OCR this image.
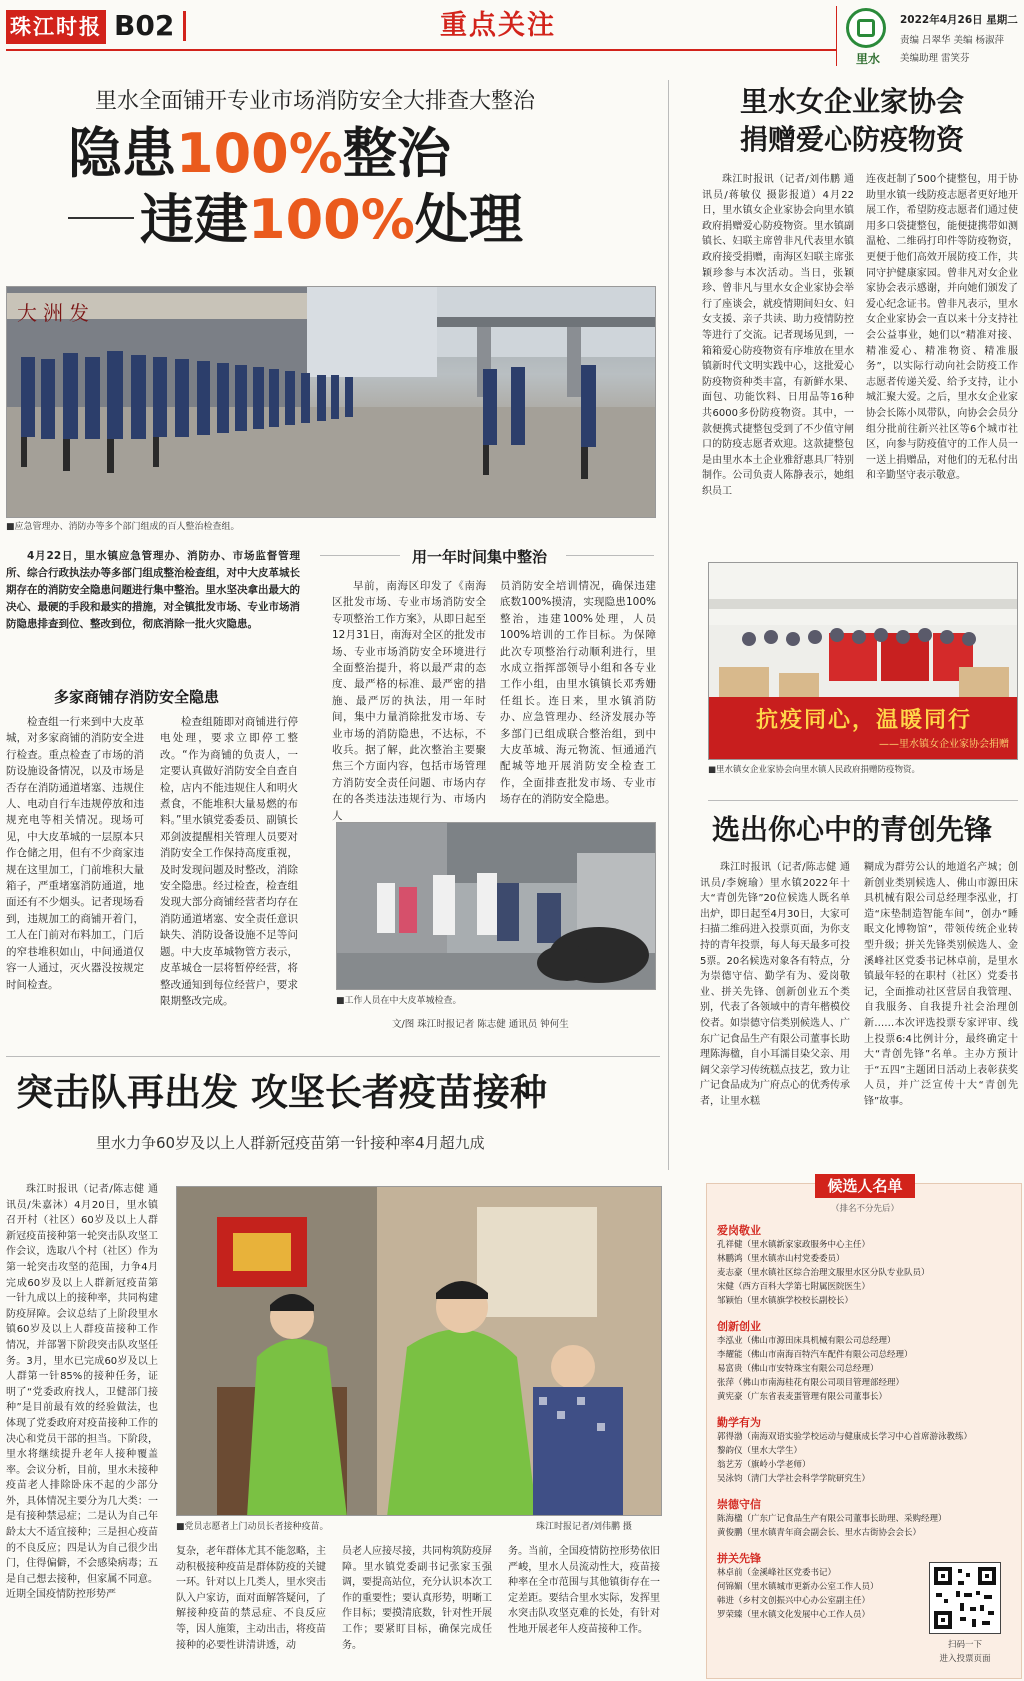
珠江时报 B02	重点关注
里水
2022年4月26日 星期二
责编 吕翠华 美编 杨淑萍
美编助理 雷笑芬
里水全面铺开专业市场消防安全大排查大整治
隐患100%整治
违建100%处理
大洲发
■应急管理办、消防办等多个部门组成的百人整治检查组。
4月22日，里水镇应急管理办、消防办、市场监督管理所、综合行政执法办等多部门组成整治检查组，对中大皮革城长期存在的消防安全隐患问题进行集中整治。里水坚决拿出最大的决心、最硬的手段和最实的措施，对全镇批发市场、专业市场消防隐患排查到位、整改到位，彻底消除一批火灾隐患。
多家商铺存消防安全隐患
检查组一行来到中大皮革城，对多家商铺的消防安全进行检查。重点检查了市场的消防设施设备情况，以及市场是否存在消防通道堵塞、违规住人、电动自行车违规停放和违规充电等相关情况。现场可见，中大皮革城的一层原本只作仓储之用，但有不少商家违规在这里加工，门前堆积大量箱子，严重堵塞消防通道，地面还有不少烟头。记者现场看到，违规加工的商铺开着门，工人在门前对布料加工，门后的窄巷堆积如山，中间通道仅容一人通过，灭火器没按规定时间检查。
检查组随即对商铺进行停电处理，要求立即停工整改。“作为商铺的负责人，一定要认真做好消防安全自查自检，店内不能违规住人和明火煮食，不能堆积大量易燃的布料。”里水镇党委委员、副镇长邓剑波提醒相关管理人员要对消防安全工作保持高度重视，及时发现问题及时整改，消除安全隐患。经过检查，检查组发现大部分商铺经营者均存在消防通道堵塞、安全责任意识缺失、消防设备设施不足等问题。中大皮革城物管方表示，皮革城仓一层将暂停经营，将整改通知到每位经营户，要求限期整改完成。
用一年时间集中整治
早前，南海区印发了《南海区批发市场、专业市场消防安全专项整治工作方案》，从即日起至12月31日，南海对全区的批发市场、专业市场消防安全环境进行全面整治提升，将以最严肃的态度、最严格的标准、最严密的措施、最严厉的执法，用一年时间，集中力量消除批发市场、专业市场的消防隐患，不达标，不收兵。据了解，此次整治主要聚焦三个方面内容，包括市场管理方消防安全责任问题、市场内存在的各类违法违规行为、市场内人
员消防安全培训情况，确保违建底数100%摸清，实现隐患100%整治，违建100%处理，人员100%培训的工作目标。为保障此次专项整治行动顺利进行，里水成立指挥部领导小组和各专业工作小组，由里水镇镇长邓秀姗任组长。连日来，里水镇消防办、应急管理办、经济发展办等多部门已组成联合整治组，到中大皮革城、海元物流、恒通通汽配城等地开展消防安全检查工作，全面排查批发市场、专业市场存在的消防安全隐患。
■工作人员在中大皮革城检查。
文/图 珠江时报记者 陈志健 通讯员 钟何生
里水女企业家协会
捐赠爱心防疫物资
珠江时报讯（记者/刘伟鹏 通讯员/蒋敏仪 摄影报道）4月22日，里水镇女企业家协会向里水镇政府捐赠爱心防疫物资。里水镇副镇长、妇联主席曾非凡代表里水镇政府接受捐赠，南海区妇联主席张颖珍参与本次活动。当日，张颖珍、曾非凡与里水女企业家协会举行了座谈会，就疫情期间妇女、妇女支援、亲子共读、助力疫情防控等进行了交流。记者现场见到，一箱箱爱心防疫物资有序堆放在里水镇新时代文明实践中心，这批爱心防疫物资种类丰富，有新鲜水果、面包、功能饮料、日用品等16种共6000多份防疫物资。其中，一款便携式捷整包受到了不少值守闸口的防疫志愿者欢迎。这款捷整包是由里水本土企业雅舒惠具厂特别制作。公司负责人陈静表示，她组织员工
连夜赶制了500个捷整包，用于协助里水镇一线防疫志愿者更好地开展工作，希望防疫志愿者们通过使用多口袋捷整包，能便捷携带如测温枪、二维码打印件等防疫物资，更便于他们高效开展防疫工作，共同守护健康家园。曾非凡对女企业家协会表示感谢，并向她们颁发了爱心纪念证书。曾非凡表示，里水女企业家协会一直以来十分支持社会公益事业，她们以“精准对接、精准爱心、精准物资、精准服务”，以实际行动向社会防疫工作志愿者传递关爱、给予支持，让小城汇聚大爱。之后，里水女企业家协会长陈小凤带队，向协会会员分组分批前往新兴社区等6个城市社区，向参与防疫值守的工作人员一一送上捐赠品，对他们的无私付出和辛勤坚守表示敬意。
抗疫同心，温暖同行
——里水镇女企业家协会捐赠
■里水镇女企业家协会向里水镇人民政府捐赠防疫物资。
选出你心中的青创先锋
珠江时报讯（记者/陈志健 通讯员/李婉瑜）里水镇2022年十大“青创先锋”20位候选人既名单出炉，即日起至4月30日，大家可扫描二维码进入投票页面，为你支持的青年投票，每人每天最多可投5票。20名候选对象各有特点，分为崇德守信、勤学有为、爱岗敬业、拼关先锋、创新创业五个类别，代表了各领域中的青年楷模佼佼者。如崇德守信类别候选人、广东广记食品生产有限公司董事长助理陈海楹，自小耳濡目染父亲、用阔父亲学习传统糕点技艺，致力让广记食品成为广府点心的优秀传承者，让里水糕
糊成为群劳公认的地道名产城；创新创业类别候选人、佛山市源田床具机械有限公司总经理李泓业，打造“床垫制造智能车间”，创办“睡眠文化博物馆”，带领传统企业转型升级；拼关先锋类别候选人、金溪峰社区党委书记林卓前，是里水镇最年轻的在职村（社区）党委书记，全面推动社区营居自我管理、自我服务、自我提升社会治理创新……本次评选投票专家评审、线上投票6:4比例计分，最终确定十大“青创先锋”名单。主办方预计于“五四”主题团日活动上表彰获奖人员，并广泛宣传十大“青创先锋”故事。
候选人名单
（排名不分先后）
爱岗敬业
孔祥健（里水镇新家家政服务中心主任）
林鹏鸿（里水镇赤山村党委委员）
麦志豪（里水镇社区综合治理文服里水区分队专业队员）
宋健（西方百科大学第七附属医院医生）
邹颖怡（里水镇旗学校校长副校长）
创新创业
李泓业（佛山市源田床具机械有限公司总经理）
李耀能（佛山市南海百特汽车配件有限公司总经理）
易富贵（佛山市安特珠宝有限公司总经理）
张萍（佛山市南海桂花有限公司项目管理部经理）
黄宪豪（广东省表麦蛋管理有限公司董事长）
勤学有为
郭得渤（南海双语实验学校运动与健康成长学习中心首席游泳教练）
黎韵仪（里水大学生）
翁艺芳（旗岭小学老师）
吴泳钧（清门大学社会科学学院研究生）
崇德守信
陈海楹（广东广记食品生产有限公司董事长助理、采购经理）
黄俊鹏（里水镇青年商会副会长、里水古街协会会长）
拼关先锋
林卓前（金溪峰社区党委书记）
何锦媚（里水镇城市更新办公室工作人员）
韩进（乡村文创振兴中心办公室副主任）
罗荣臻（里水镇文化发展中心工作人员）
扫码一下
进入投票页面
突击队再出发 攻坚长者疫苗接种
里水力争60岁及以上人群新冠疫苗第一针接种率4月超九成
珠江时报讯（记者/陈志健 通讯员/朱嘉沐）4月20日，里水镇召开村（社区）60岁及以上人群新冠疫苗接种第一轮突击队攻坚工作会议，选取八个村（社区）作为第一轮突击攻坚的范围，力争4月完成60岁及以上人群新冠疫苗第一针九成以上的接种率，共同构建防疫屏障。会议总结了上阶段里水镇60岁及以上人群疫苗接种工作情况，并部署下阶段突击队攻坚任务。3月，里水已完成60岁及以上人群第一针85%的接种任务，证明了“党委政府找人，卫健部门接种”是目前最有效的经验做法，也体现了党委政府对疫苗接种工作的决心和党员干部的担当。下阶段，里水将继续提升老年人接种覆盖率。会议分析，目前，里水未接种疫苗老人排除卧床不起的少部分外，具体情况主要分为几大类：一是有接种禁忌症；二是认为自己年龄太大不适宜接种；三是担心疫苗的不良反应；四是认为自己很少出门，住得偏僻，不会感染病毒；五是自己想去接种，但家属不同意。近期全国疫情防控形势严
■党员志愿者上门动员长者接种疫苗。	珠江时报记者/刘伟鹏 摄
复杂，老年群体尤其不能忽略，主动积极接种疫苗是群体防疫的关键一环。针对以上几类人，里水突击队入户家访，面对面解答疑问，了解接种疫苗的禁忌症、不良反应等，因人施策，主动出击，将疫苗接种的必要性讲清讲透，动
员老人应接尽接，共同构筑防疫屏障。里水镇党委副书记张家玉强调，要提高站位，充分认识本次工作的重要性；要认真形势，明晰工作目标；要摸清底数，针对性开展工作；要紧盯目标，确保完成任务。
务。当前，全国疫情防控形势依旧严峻，里水人员流动性大，疫苗接种率在全市范围与其他镇街存在一定差距。要结合里水实际，发挥里水突击队攻坚克难的长处，有针对性地开展老年人疫苗接种工作。
